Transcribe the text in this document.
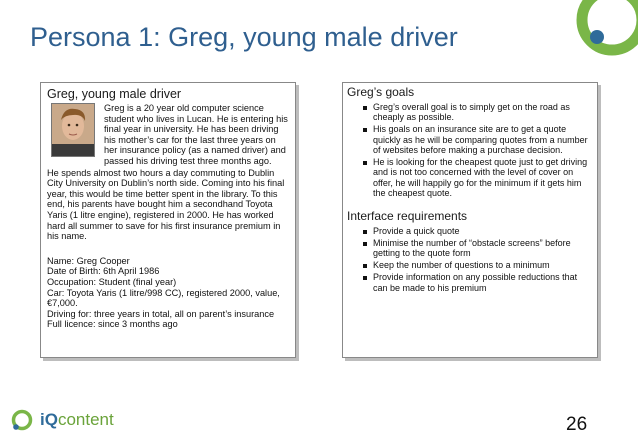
Persona 1: Greg, young male driver
Greg, young male driver

Greg is a 20 year old computer science student who lives in Lucan. He is entering his final year in university. He has been driving his mother’s car for the last three years on her insurance policy (as a named driver) and passed his driving test three months ago.

He spends almost two hours a day commuting to Dublin City University on Dublin’s north side. Coming into his final year, this would be time better spent in the library. To this end, his parents have bought him a secondhand Toyota Yaris (1 litre engine), registered in 2000. He has worked hard all summer to save for his first insurance premium in his name.

Name: Greg Cooper
Date of Birth: 6th April 1986
Occupation: Student (final year)
Car: Toyota Yaris (1 litre/998 CC), registered 2000, value, €7,000.
Driving for: three years in total, all on parent’s insurance
Full licence: since 3 months ago
Greg’s goals
Greg’s overall goal is to simply get on the road as cheaply as possible.
His goals on an insurance site are to get a quote quickly as he will be comparing quotes from a number of websites before making a purchase decision.
He is looking for the cheapest quote just to get driving and is not too concerned with the level of cover on offer, he will happily go for the minimum if it gets him the cheapest quote.
Interface requirements
Provide a quick quote
Minimise the number of “obstacle screens” before getting to the quote form
Keep the number of questions to a minimum
Provide information on any possible reductions that can be made to his premium
iQcontent	26
